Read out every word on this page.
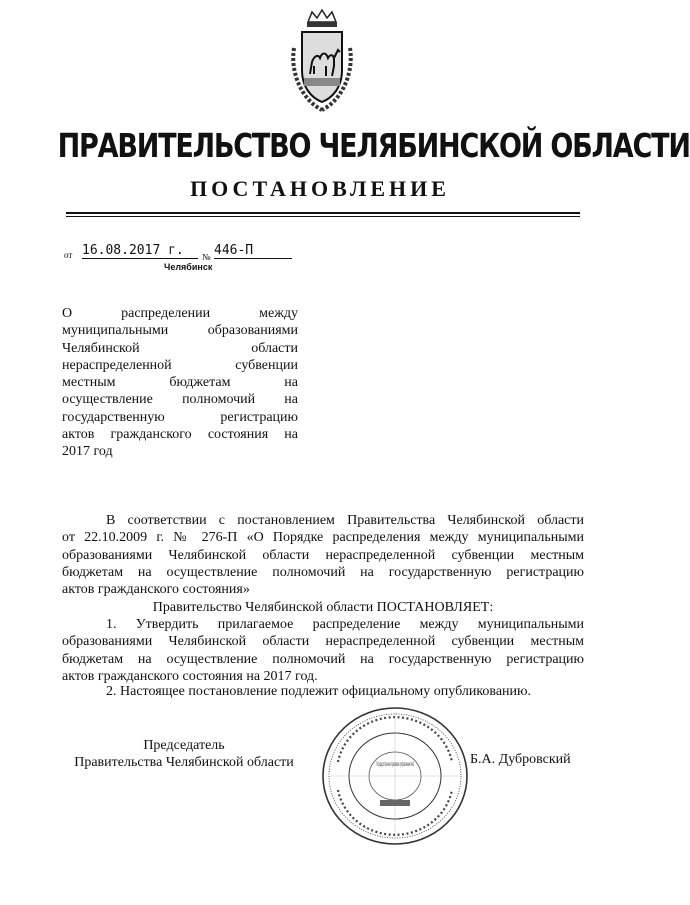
ПРАВИТЕЛЬСТВО ЧЕЛЯБИНСКОЙ ОБЛАСТИ
ПОСТАНОВЛЕНИЕ
от 16.08.2017 г.	№ 446-П
Челябинск
О распределении между
муниципальными образованиями
Челябинской области
нераспределенной субвенции
местным бюджетам на
осуществление полномочий на
государственную регистрацию
актов гражданского состояния на
2017 год
В соответствии с постановлением Правительства Челябинской области
от 22.10.2009 г. № 276-П «О Порядке распределения между муниципальными
образованиями Челябинской области нераспределенной субвенции местным
бюджетам на осуществление полномочий на государственную регистрацию
актов гражданского состояния»
Правительство Челябинской области ПОСТАНОВЛЯЕТ:
1. Утвердить прилагаемое распределение между муниципальными
образованиями Челябинской области нераспределенной субвенции местным
бюджетам на осуществление полномочий на государственную регистрацию
актов гражданского состояния на 2017 год.
2. Настоящее постановление подлежит официальному опубликованию.
Председатель
Правительства Челябинской области	Б.А. Дубровский
Государственно-правовое управление №2
